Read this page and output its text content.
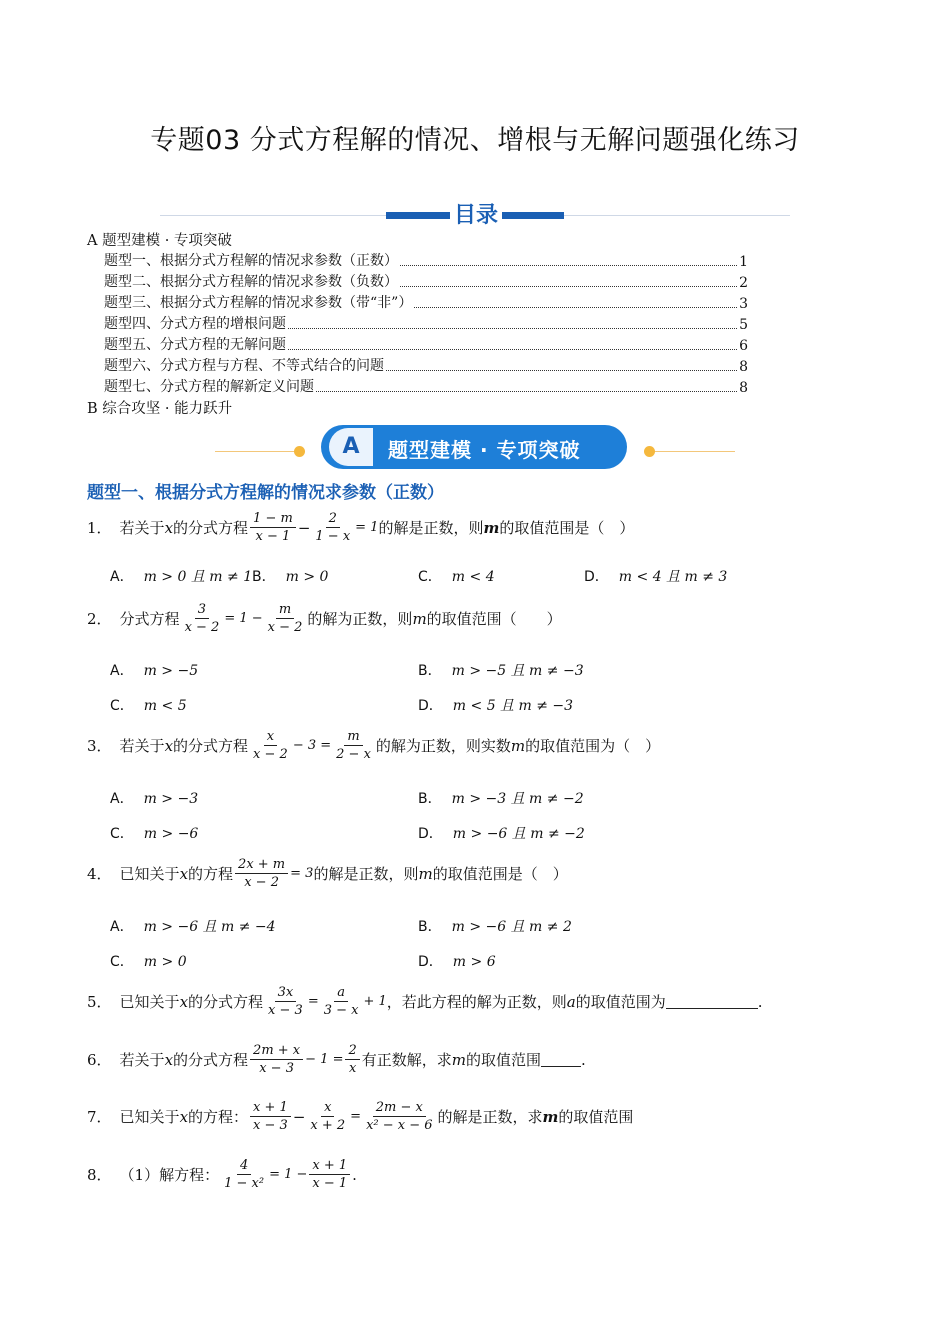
专题03 分式方程解的情况、增根与无解问题强化练习
目录
A 题型建模 · 专项突破
题型一、根据分式方程解的情况求参数（正数）	1
题型二、根据分式方程解的情况求参数（负数）	2
题型三、根据分式方程解的情况求参数（带“非”）	3
题型四、分式方程的增根问题	5
题型五、分式方程的无解问题	6
题型六、分式方程与方程、不等式结合的问题	8
题型七、分式方程的解新定义问题	8
B 综合攻坚 · 能力跃升
A	题型建模 · 专项突破
题型一、根据分式方程解的情况求参数（正数）
1． 若关于 x 的分式方程 $\frac{1 - m}{x - 1} - \frac{2}{1 - x} = 1$ 的解是正数，则 m 的取值范围是（　）
A． m > 0 且 m ≠ 1 B． m > 0	C． m < 4	D． m < 4 且 m ≠ 3
2． 分式方程 $\frac{3}{x - 2} = 1 - \frac{m}{x - 2}$ 的解为正数，则 m 的取值范围（　　）
A． m > −5	B． m > −5 且 m ≠ −3
C． m < 5	D． m < 5 且 m ≠ −3
3． 若关于 x 的分式方程 $\frac{x}{x - 2} - 3 = \frac{m}{2 - x}$ 的解为正数，则实数 m 的取值范围为（　）
A． m > −3	B． m > −3 且 m ≠ −2
C． m > −6	D． m > −6 且 m ≠ −2
4． 已知关于 x 的方程 $\frac{2x + m}{x - 2} = 3$ 的解是正数，则 m 的取值范围是（　）
A． m > −6 且 m ≠ −4	B． m > −6 且 m ≠ 2
C． m > 0	D． m > 6
5． 已知关于 x 的分式方程 $\frac{3x}{x - 3} = \frac{a}{3 - x} + 1$ ，若此方程的解为正数，则 a 的取值范围为	.
6． 若关于 x 的分式方程 $\frac{2m + x}{x - 3} - 1 = \frac{2}{x}$ 有正数解，求 m 的取值范围	.
7． 已知关于 x 的方程： $\frac{x + 1}{x - 3} - \frac{x}{x + 2} = \frac{2m - x}{\text{x² − x − 6}}$ 的解是正数，求 m 的取值范围
8． （1）解方程： $\frac{4}{\text{1 − x²}} = 1 - \frac{x + 1}{x - 1}$ .
